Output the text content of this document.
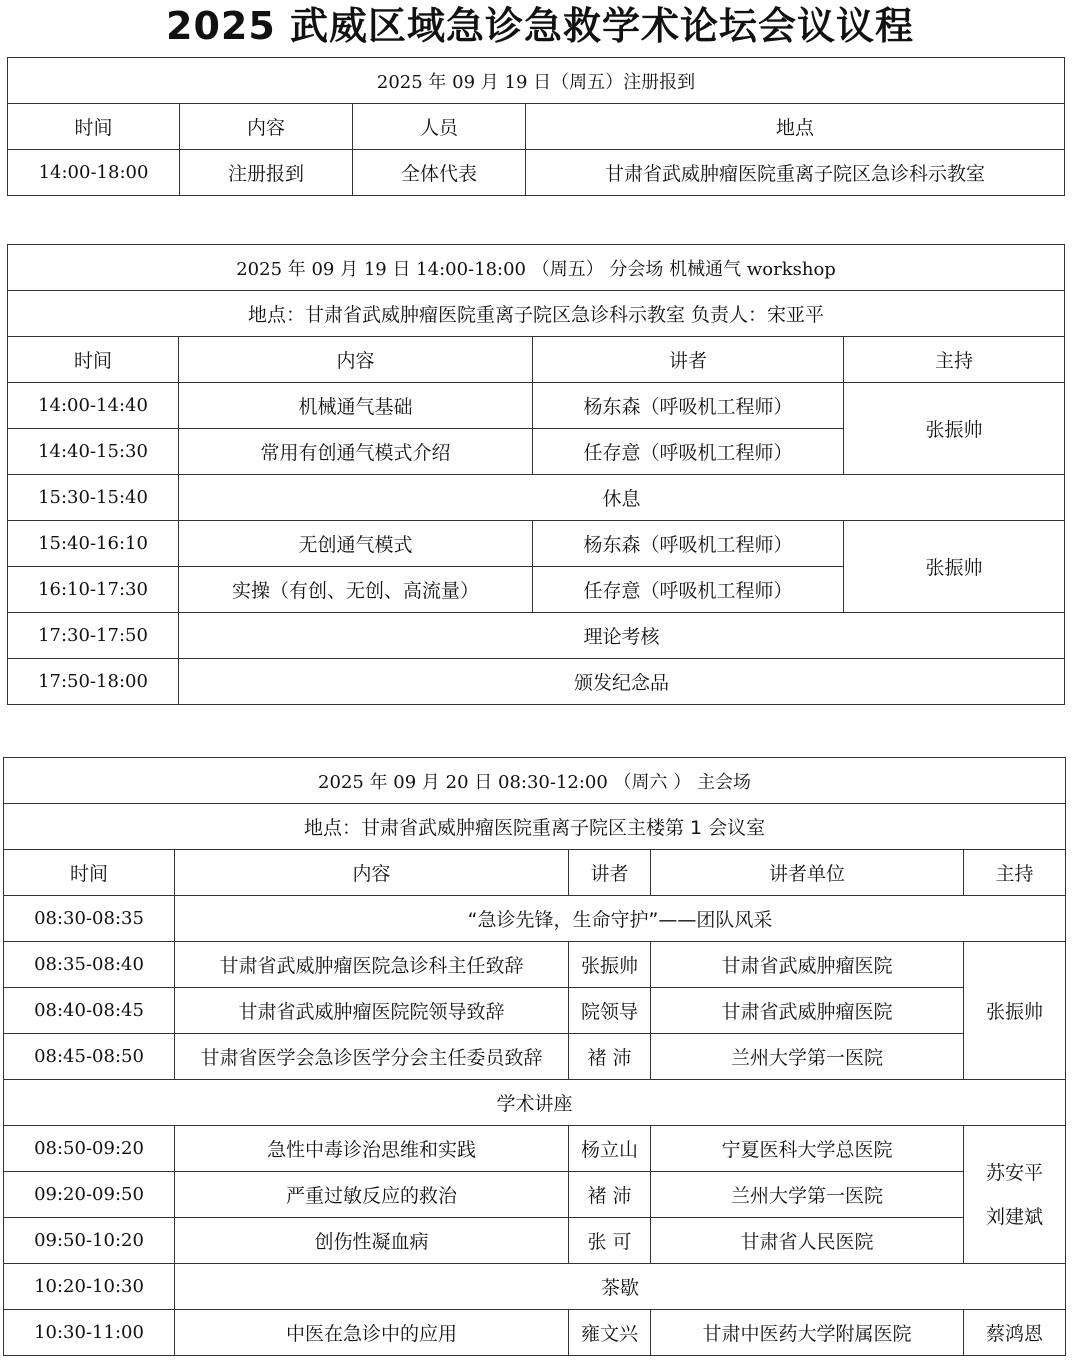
2025 武威区域急诊急救学术论坛会议议程
2025 年 09 月 19 日（周五）注册报到			
时间	内容	人员	地点
14:00-18:00	注册报到	全体代表	甘肃省武威肿瘤医院重离子院区急诊科示教室
2025 年 09 月 19 日 14:00-18:00 （周五） 分会场 机械通气 workshop			
地点：甘肃省武威肿瘤医院重离子院区急诊科示教室 负责人：宋亚平			
时间	内容	讲者	主持
14:00-14:40	机械通气基础	杨东森（呼吸机工程师）	张振帅
14:40-15:30	常用有创通气模式介绍	任存意（呼吸机工程师）	
15:30-15:40	休息		
15:40-16:10	无创通气模式	杨东森（呼吸机工程师）	张振帅
16:10-17:30	实操（有创、无创、高流量）	任存意（呼吸机工程师）	
17:30-17:50	理论考核		
17:50-18:00	颁发纪念品		
2025 年 09 月 20 日 08:30-12:00 （周六 ） 主会场				
地点：甘肃省武威肿瘤医院重离子院区主楼第 1 会议室				
时间	内容	讲者	讲者单位	主持
08:30-08:35	“急诊先锋，生命守护”——团队风采			
08:35-08:40	甘肃省武威肿瘤医院急诊科主任致辞	张振帅	甘肃省武威肿瘤医院	张振帅
08:40-08:45	甘肃省武威肿瘤医院院领导致辞	院领导	甘肃省武威肿瘤医院	
08:45-08:50	甘肃省医学会急诊医学分会主任委员致辞	褚 沛	兰州大学第一医院	
学术讲座				
08:50-09:20	急性中毒诊治思维和实践	杨立山	宁夏医科大学总医院	苏安平
刘建斌

09:20-09:50	严重过敏反应的救治	褚 沛	兰州大学第一医院	
09:50-10:20	创伤性凝血病	张 可	甘肃省人民医院	
10:20-10:30	茶歇			
10:30-11:00	中医在急诊中的应用	雍文兴	甘肃中医药大学附属医院	蔡鸿恩
